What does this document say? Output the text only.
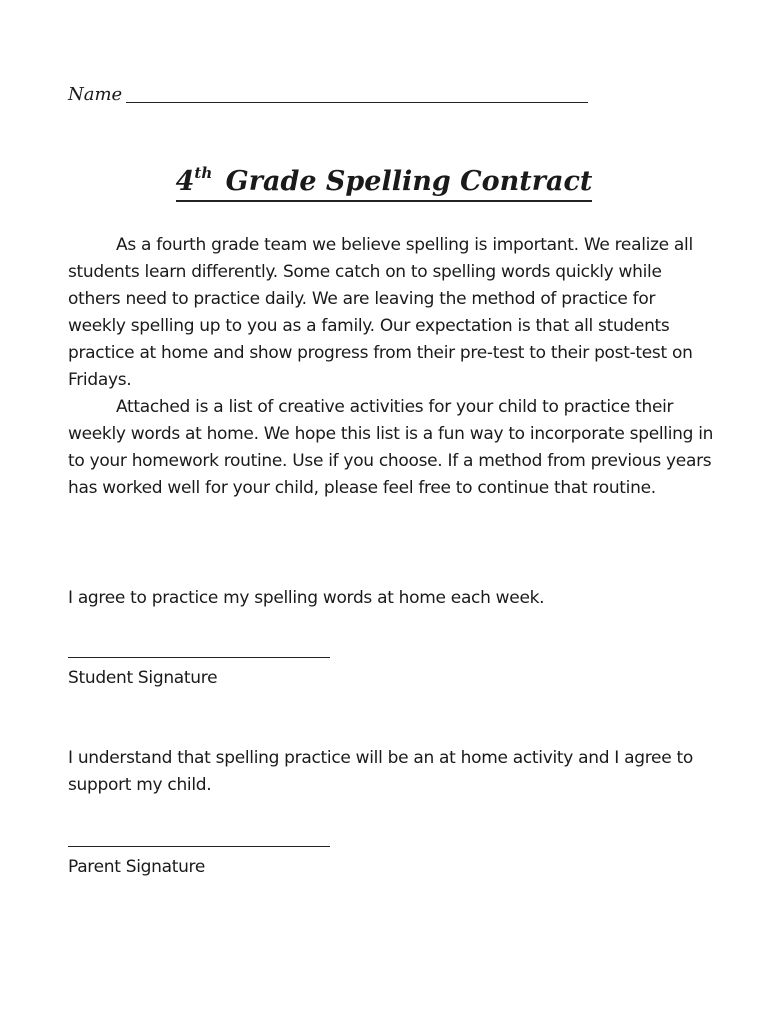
Name
4th Grade Spelling Contract

As a fourth grade team we believe spelling is important. We realize all students learn differently. Some catch on to spelling words quickly while others need to practice daily. We are leaving the method of practice for weekly spelling up to you as a family. Our expectation is that all students practice at home and show progress from their pre-test to their post-test on Fridays.

Attached is a list of creative activities for your child to practice their weekly words at home. We hope this list is a fun way to incorporate spelling in to your homework routine. Use if you choose. If a method from previous years has worked well for your child, please feel free to continue that routine.

I agree to practice my spelling words at home each week.
Student Signature
I understand that spelling practice will be an at home activity and I agree to support my child.
Parent Signature
